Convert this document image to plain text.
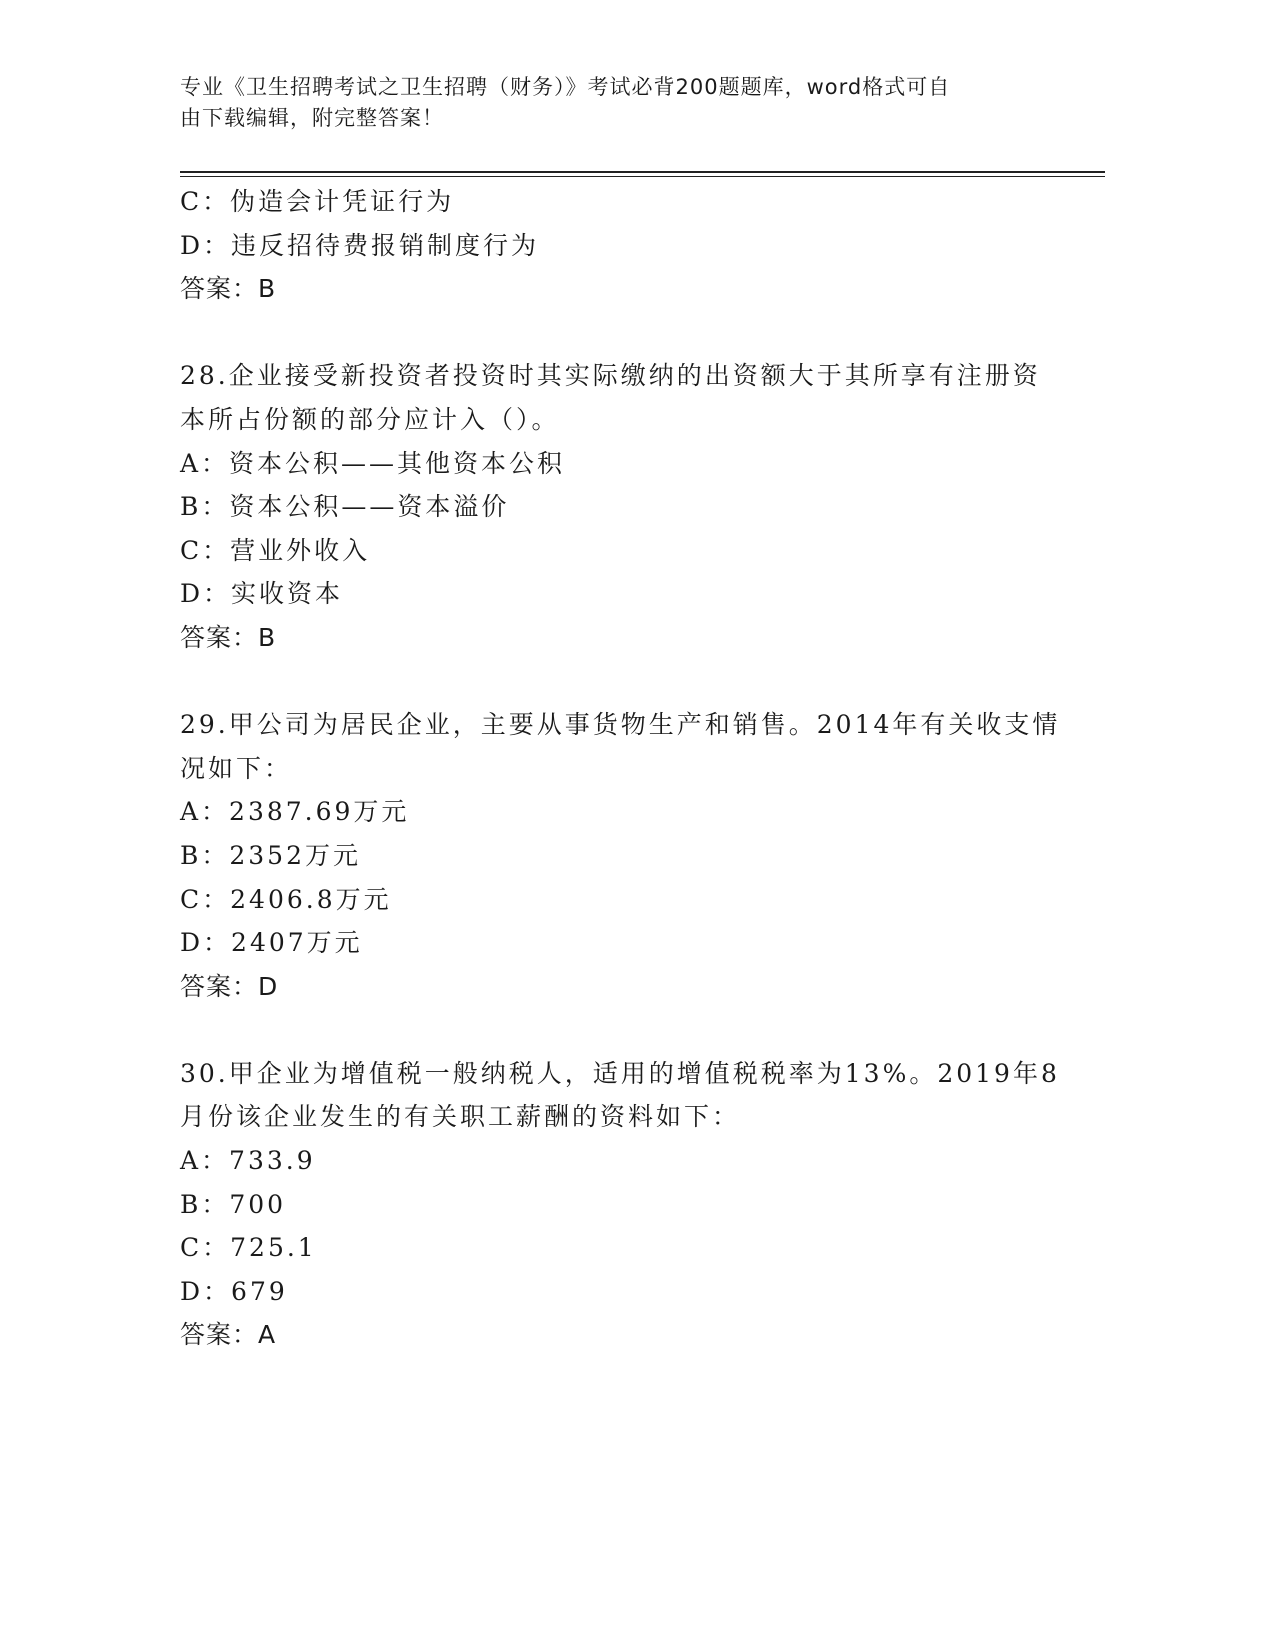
专业《卫生招聘考试之卫生招聘（财务）》考试必背200题题库，word格式可自
由下载编辑，附完整答案！
C：伪造会计凭证行为
D：违反招待费报销制度行为
答案：B
28.企业接受新投资者投资时其实际缴纳的出资额大于其所享有注册资
本所占份额的部分应计入（）。
A：资本公积——其他资本公积
B：资本公积——资本溢价
C：营业外收入
D：实收资本
答案：B
29.甲公司为居民企业，主要从事货物生产和销售。2014年有关收支情
况如下：
A：2387.69万元
B：2352万元
C：2406.8万元
D：2407万元
答案：D
30.甲企业为增值税一般纳税人，适用的增值税税率为13%。2019年8
月份该企业发生的有关职工薪酬的资料如下：
A：733.9
B：700
C：725.1
D：679
答案：A
